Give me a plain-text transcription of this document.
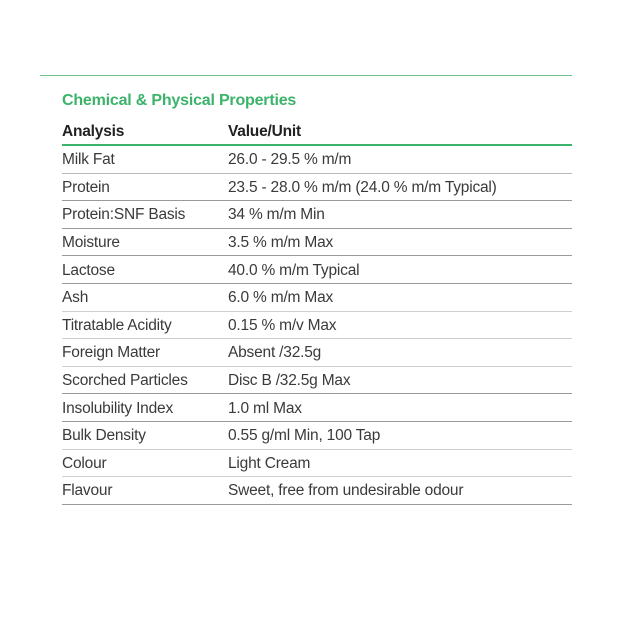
Chemical & Physical Properties
Analysis	Value/Unit
Milk Fat	26.0 - 29.5 % m/m
Protein	23.5 - 28.0 % m/m (24.0 % m/m Typical)
Protein:SNF Basis	34 % m/m Min
Moisture	3.5 % m/m Max
Lactose	40.0 % m/m Typical
Ash	6.0 % m/m Max
Titratable Acidity	0.15 % m/v Max
Foreign Matter	Absent /32.5g
Scorched Particles	Disc B /32.5g Max
Insolubility Index	1.0 ml Max
Bulk Density	0.55 g/ml Min, 100 Tap
Colour	Light Cream
Flavour	Sweet, free from undesirable odour
